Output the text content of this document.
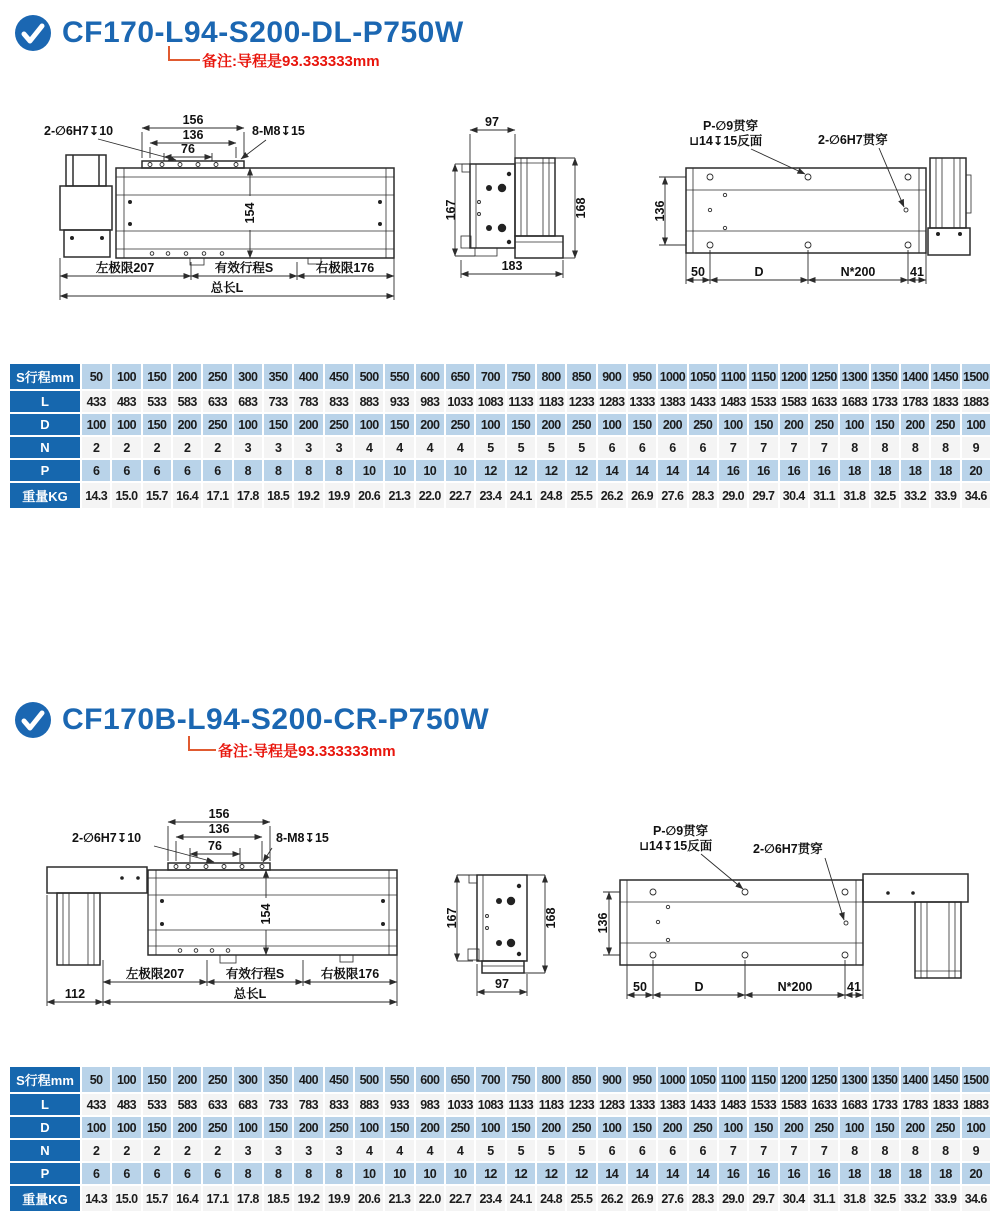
CF170-L94-S200-DL-P750W
备注:导程是93.333333mm
156
136
76
2-∅6H7↧10	8-M8↧15
154
左极限207	有效行程S	右极限176
总长L
97
167	168
183
P-∅9贯穿
⊔14↧15反面	2-∅6H7贯穿
136
50	D	N*200	41
S行程mm	50	100	150	200	250	300	350	400	450	500	550	600	650	700	750	800	850	900	950	1000	1050	1100	1150	1200	1250	1300	1350	1400	1450	1500
L	433	483	533	583	633	683	733	783	833	883	933	983	1033	1083	1133	1183	1233	1283	1333	1383	1433	1483	1533	1583	1633	1683	1733	1783	1833	1883
D	100	100	150	200	250	100	150	200	250	100	150	200	250	100	150	200	250	100	150	200	250	100	150	200	250	100	150	200	250	100
N	2	2	2	2	2	3	3	3	3	4	4	4	4	5	5	5	5	6	6	6	6	7	7	7	7	8	8	8	8	9
P	6	6	6	6	6	8	8	8	8	10	10	10	10	12	12	12	12	14	14	14	14	16	16	16	16	18	18	18	18	20
重量KG	14.3	15.0	15.7	16.4	17.1	17.8	18.5	19.2	19.9	20.6	21.3	22.0	22.7	23.4	24.1	24.8	25.5	26.2	26.9	27.6	28.3	29.0	29.7	30.4	31.1	31.8	32.5	33.2	33.9	34.6
CF170B-L94-S200-CR-P750W
备注:导程是93.333333mm
156
136
76
2-∅6H7↧10	8-M8↧15
154
左极限207	有效行程S	右极限176
112	总长L
167	168
97
P-∅9贯穿
⊔14↧15反面	2-∅6H7贯穿
136
50	D	N*200	41
S行程mm	50	100	150	200	250	300	350	400	450	500	550	600	650	700	750	800	850	900	950	1000	1050	1100	1150	1200	1250	1300	1350	1400	1450	1500
L	433	483	533	583	633	683	733	783	833	883	933	983	1033	1083	1133	1183	1233	1283	1333	1383	1433	1483	1533	1583	1633	1683	1733	1783	1833	1883
D	100	100	150	200	250	100	150	200	250	100	150	200	250	100	150	200	250	100	150	200	250	100	150	200	250	100	150	200	250	100
N	2	2	2	2	2	3	3	3	3	4	4	4	4	5	5	5	5	6	6	6	6	7	7	7	7	8	8	8	8	9
P	6	6	6	6	6	8	8	8	8	10	10	10	10	12	12	12	12	14	14	14	14	16	16	16	16	18	18	18	18	20
重量KG	14.3	15.0	15.7	16.4	17.1	17.8	18.5	19.2	19.9	20.6	21.3	22.0	22.7	23.4	24.1	24.8	25.5	26.2	26.9	27.6	28.3	29.0	29.7	30.4	31.1	31.8	32.5	33.2	33.9	34.6
